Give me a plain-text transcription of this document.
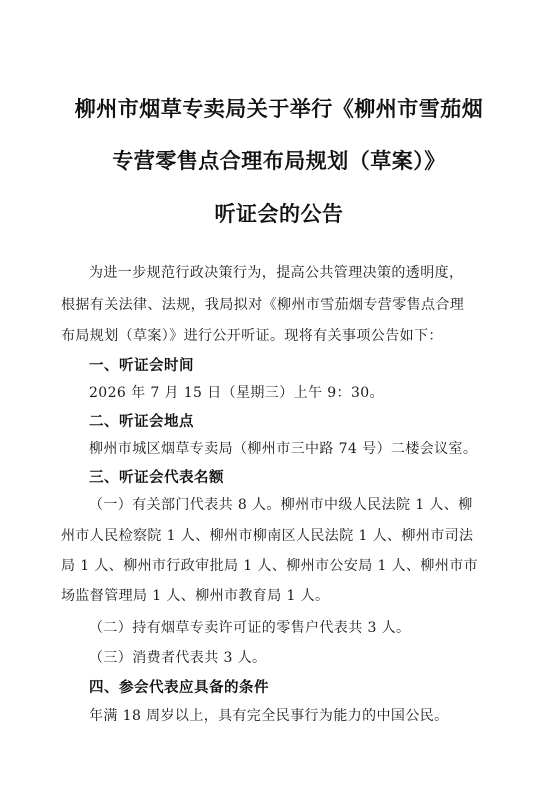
柳州市烟草专卖局关于举行《柳州市雪茄烟
专营零售点合理布局规划（草案）》
听证会的公告
为进一步规范行政决策行为，提高公共管理决策的透明度，
根据有关法律、法规，我局拟对《柳州市雪茄烟专营零售点合理
布局规划（草案）》进行公开听证。现将有关事项公告如下：
一、听证会时间
2026 年 7 月 15 日（星期三）上午 9：30。
二、听证会地点
柳州市城区烟草专卖局（柳州市三中路 74 号）二楼会议室。
三、听证会代表名额
（一）有关部门代表共 8 人。柳州市中级人民法院 1 人、柳
州市人民检察院 1 人、柳州市柳南区人民法院 1 人、柳州市司法
局 1 人、柳州市行政审批局 1 人、柳州市公安局 1 人、柳州市市
场监督管理局 1 人、柳州市教育局 1 人。
（二）持有烟草专卖许可证的零售户代表共 3 人。
（三）消费者代表共 3 人。
四、参会代表应具备的条件
年满 18 周岁以上，具有完全民事行为能力的中国公民。
